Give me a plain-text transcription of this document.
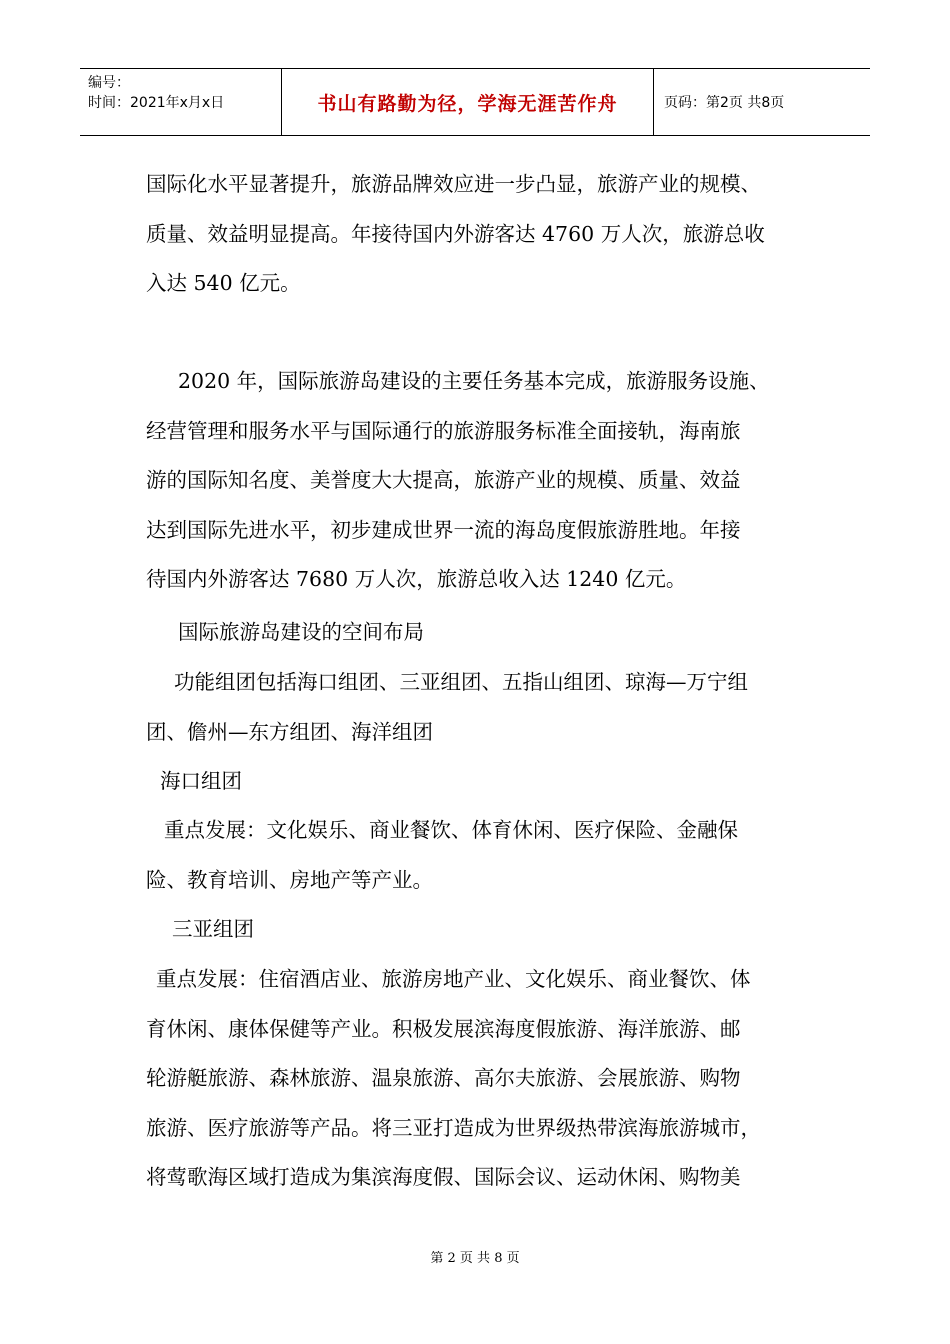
编号：
时间：2021年x月x日	书山有路勤为径，学海无涯苦作舟	页码：第2页 共8页
国际化水平显著提升，旅游品牌效应进一步凸显，旅游产业的规模、
质量、效益明显提高。年接待国内外游客达 4760 万人次，旅游总收
入达 540 亿元。
2020 年，国际旅游岛建设的主要任务基本完成，旅游服务设施、
经营管理和服务水平与国际通行的旅游服务标准全面接轨，海南旅
游的国际知名度、美誉度大大提高，旅游产业的规模、质量、效益
达到国际先进水平，初步建成世界一流的海岛度假旅游胜地。年接
待国内外游客达 7680 万人次，旅游总收入达 1240 亿元。
国际旅游岛建设的空间布局
功能组团包括海口组团、三亚组团、五指山组团、琼海—万宁组
团、儋州—东方组团、海洋组团
海口组团
重点发展：文化娱乐、商业餐饮、体育休闲、医疗保险、金融保
险、教育培训、房地产等产业。
三亚组团
重点发展：住宿酒店业、旅游房地产业、文化娱乐、商业餐饮、体
育休闲、康体保健等产业。积极发展滨海度假旅游、海洋旅游、邮
轮游艇旅游、森林旅游、温泉旅游、高尔夫旅游、会展旅游、购物
旅游、医疗旅游等产品。将三亚打造成为世界级热带滨海旅游城市，
将莺歌海区域打造成为集滨海度假、国际会议、运动休闲、购物美
第 2 页 共 8 页
